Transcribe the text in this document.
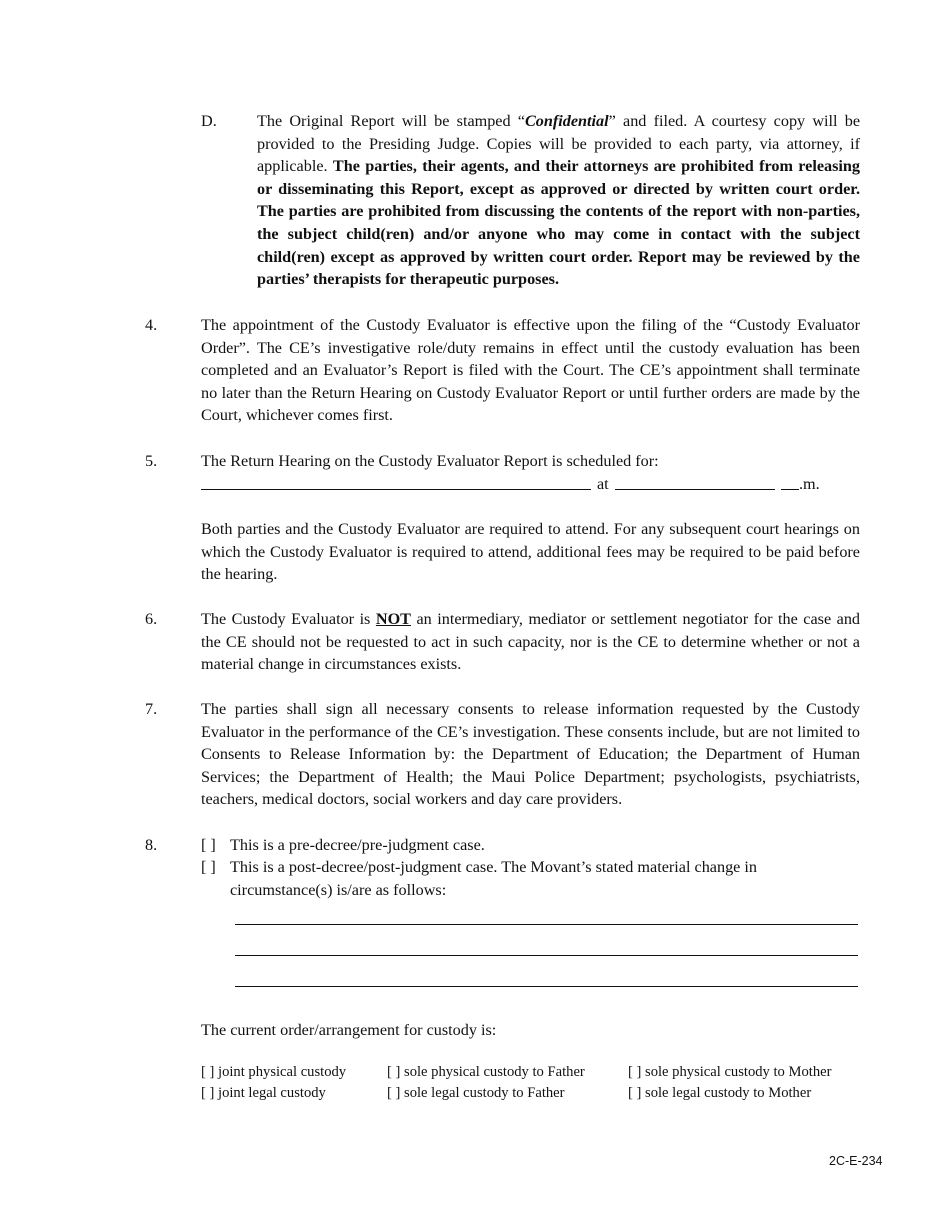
D. The Original Report will be stamped “Confidential” and filed. A courtesy copy will be provided to the Presiding Judge. Copies will be provided to each party, via attorney, if applicable. The parties, their agents, and their attorneys are prohibited from releasing or disseminating this Report, except as approved or directed by written court order. The parties are prohibited from discussing the contents of the report with non-parties, the subject child(ren) and/or anyone who may come in contact with the subject child(ren) except as approved by written court order. Report may be reviewed by the parties’ therapists for therapeutic purposes.
4.	The appointment of the Custody Evaluator is effective upon the filing of the “Custody Evaluator Order”. The CE’s investigative role/duty remains in effect until the custody evaluation has been completed and an Evaluator’s Report is filed with the Court. The CE’s appointment shall terminate no later than the Return Hearing on Custody Evaluator Report or until further orders are made by the Court, whichever comes first.
5.	The Return Hearing on the Custody Evaluator Report is scheduled for:
at	.m.
Both parties and the Custody Evaluator are required to attend. For any subsequent court hearings on which the Custody Evaluator is required to attend, additional fees may be required to be paid before the hearing.
6.	The Custody Evaluator is NOT an intermediary, mediator or settlement negotiator for the case and the CE should not be requested to act in such capacity, nor is the CE to determine whether or not a material change in circumstances exists.
7.	The parties shall sign all necessary consents to release information requested by the Custody Evaluator in the performance of the CE’s investigation. These consents include, but are not limited to Consents to Release Information by: the Department of Education; the Department of Human Services; the Department of Health; the Maui Police Department; psychologists, psychiatrists, teachers, medical doctors, social workers and day care providers.
8.	[ ] This is a pre-decree/pre-judgment case.
[ ] This is a post-decree/post-judgment case. The Movant’s stated material change in
circumstance(s) is/are as follows:
The current order/arrangement for custody is:
[ ] joint physical custody	[ ] sole physical custody to Father	[ ] sole physical custody to Mother
[ ] joint legal custody	[ ] sole legal custody to Father	[ ] sole legal custody to Mother
2C-E-234
